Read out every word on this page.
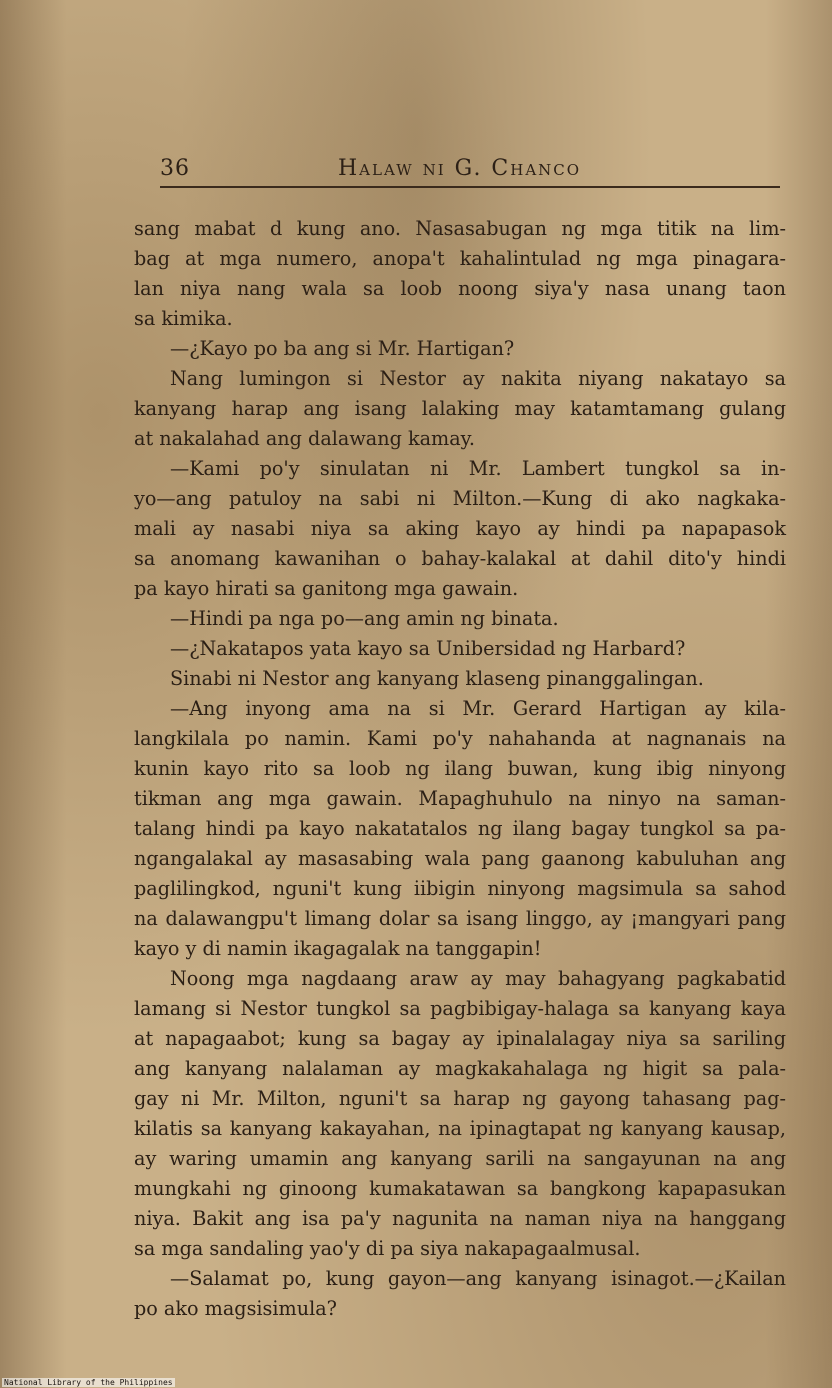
36	Halaw ni G. Chanco
sang mabat d kung ano. Nasasabugan ng mga titik na lim-
bag at mga numero, anopa't kahalintulad ng mga pinagara-
lan niya nang wala sa loob noong siya'y nasa unang taon
sa kimika.
—¿Kayo po ba ang si Mr. Hartigan?
Nang lumingon si Nestor ay nakita niyang nakatayo sa
kanyang harap ang isang lalaking may katamtamang gulang
at nakalahad ang dalawang kamay.
—Kami po'y sinulatan ni Mr. Lambert tungkol sa in-
yo—ang patuloy na sabi ni Milton.—Kung di ako nagkaka-
mali ay nasabi niya sa aking kayo ay hindi pa napapasok
sa anomang kawanihan o bahay-kalakal at dahil dito'y hindi
pa kayo hirati sa ganitong mga gawain.
—Hindi pa nga po—ang amin ng binata.
—¿Nakatapos yata kayo sa Unibersidad ng Harbard?
Sinabi ni Nestor ang kanyang klaseng pinanggalingan.
—Ang inyong ama na si Mr. Gerard Hartigan ay kila-
langkilala po namin. Kami po'y nahahanda at nagnanais na
kunin kayo rito sa loob ng ilang buwan, kung ibig ninyong
tikman ang mga gawain. Mapaghuhulo na ninyo na saman-
talang hindi pa kayo nakatatalos ng ilang bagay tungkol sa pa-
ngangalakal ay masasabing wala pang gaanong kabuluhan ang
paglilingkod, nguni't kung iibigin ninyong magsimula sa sahod
na dalawangpu't limang dolar sa isang linggo, ay ¡mangyari pang
kayo y di namin ikagagalak na tanggapin!
Noong mga nagdaang araw ay may bahagyang pagkabatid
lamang si Nestor tungkol sa pagbibigay-halaga sa kanyang kaya
at napagaabot; kung sa bagay ay ipinalalagay niya sa sariling
ang kanyang nalalaman ay magkakahalaga ng higit sa pala-
gay ni Mr. Milton, nguni't sa harap ng gayong tahasang pag-
kilatis sa kanyang kakayahan, na ipinagtapat ng kanyang kausap,
ay waring umamin ang kanyang sarili na sangayunan na ang
mungkahi ng ginoong kumakatawan sa bangkong kapapasukan
niya. Bakit ang isa pa'y nagunita na naman niya na hanggang
sa mga sandaling yao'y di pa siya nakapagaalmusal.
—Salamat po, kung gayon—ang kanyang isinagot.—¿Kailan
po ako magsisimula?
National Library of the Philippines
